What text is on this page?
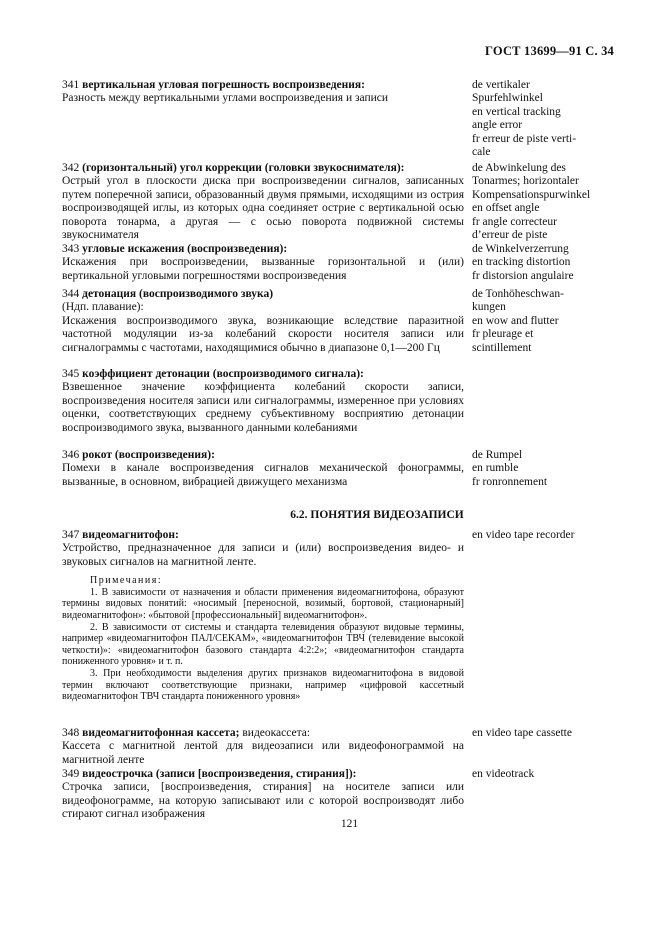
ГОСТ 13699—91 С. 34
341 вертикальная угловая погрешность воспроизведения:
Разность между вертикальными углами воспроизведения и записи
de vertikaler
Spurfehlwinkel
en vertical tracking
angle error
fr erreur de piste verti-
cale
342 (горизонтальный) угол коррекции (головки звукоснимателя):
Острый угол в плоскости диска при воспроизведении сигналов, записанных путем поперечной записи, образованный двумя прямыми, исходящими из острия воспроизводящей иглы, из которых одна соединяет острие с вертикальной осью поворота тонарма, а другая — с осью поворота подвижной системы звукоснимателя
de Abwinkelung des
Tonarmes; horizontaler
Kompensationspurwinkel
en offset angle
fr angle correcteur
d’erreur de piste
343 угловые искажения (воспроизведения):
Искажения при воспроизведении, вызванные горизонтальной и (или) вертикальной угловыми погрешностями воспроизведения
de Winkelverzerrung
en tracking distortion
fr distorsion angulaire
344 детонация (воспроизводимого звука)
(Ндп. плавание):
Искажения воспроизводимого звука, возникающие вследствие паразитной частотной модуляции из-за колебаний скорости носителя записи или сигналограммы с частотами, находящимися обычно в диапазоне 0,1—200 Гц
de Tonhöheschwan-
kungen
en wow and flutter
fr pleurage et
scintillement
345 коэффициент детонации (воспроизводимого сигнала):
Взвешенное значение коэффициента колебаний скорости записи, воспроизведения носителя записи или сигналограммы, измеренное при условиях оценки, соответствующих среднему субъективному восприятию детонации воспроизводимого звука, вызванного данными колебаниями
346 рокот (воспроизведения):
Помехи в канале воспроизведения сигналов механической фонограммы, вызванные, в основном, вибрацией движущего механизма
de Rumpel
en rumble
fr ronronnement
6.2. ПОНЯТИЯ ВИДЕОЗАПИСИ
347 видеомагнитофон:
Устройство, предназначенное для записи и (или) воспроизведения видео- и звуковых сигналов на магнитной ленте.
Примечания:

1. В зависимости от назначения и области применения видеомагнитофона, образуют термины видовых понятий: «носимый [переносной, возимый, бортовой, стационарный] видеомагнитофон»: «бытовой [профессиональный] видеомагнитофон».

2. В зависимости от системы и стандарта телевидения образуют видовые термины, например «видеомагнитофон ПАЛ/СЕКАМ», «видеомагнитофон ТВЧ (телевидение высокой четкости)»: «видеомагнитофон базового стандарта 4:2:2»; «видеомагнитофон стандарта пониженного уровня» и т. п.

3. При необходимости выделения других признаков видеомагнитофона в видовой термин включают соответствующие признаки, например «цифровой кассетный видеомагнитофон ТВЧ стандарта пониженного уровня»

en video tape recorder
348 видеомагнитофонная кассета; видеокассета:
Кассета с магнитной лентой для видеозаписи или видеофонограммой на магнитной ленте
en video tape cassette
349 видеострочка (записи [воспроизведения, стирания]):
Строчка записи, [воспроизведения, стирания] на носителе записи или видеофонограмме, на которую записывают или с которой воспроизводят либо стирают сигнал изображения
en videotrack
121
